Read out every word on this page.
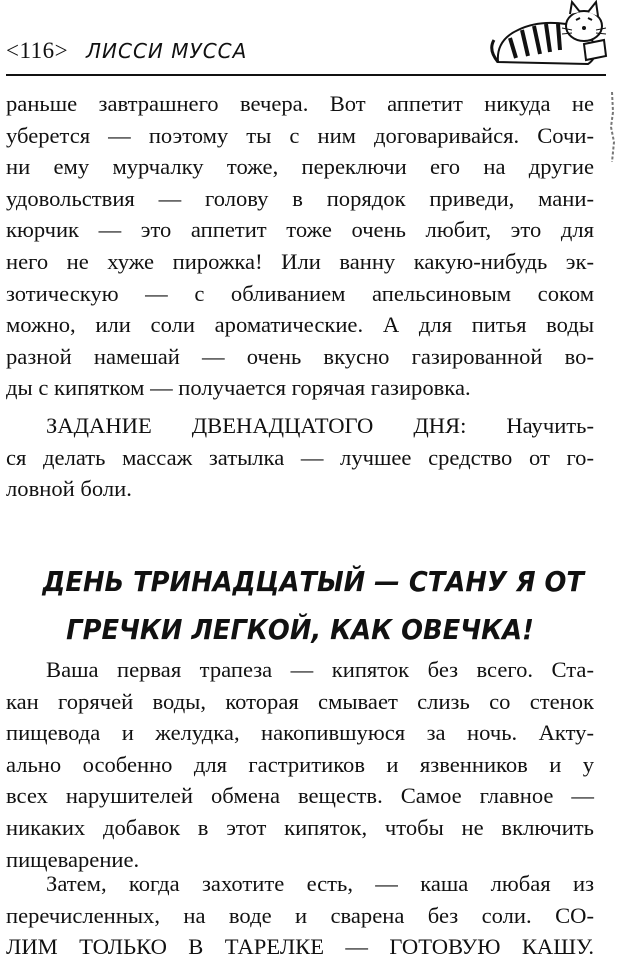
<116> ЛИССИ МУССА
раньше завтрашнего вечера. Вот аппетит никуда не
уберется — поэтому ты с ним договаривайся. Сочи-
ни ему мурчалку тоже, переключи его на другие
удовольствия — голову в порядок приведи, мани-
кюрчик — это аппетит тоже очень любит, это для
него не хуже пирожка! Или ванну какую-нибудь эк-
зотическую — с обливанием апельсиновым соком
можно, или соли ароматические. А для питья воды
разной намешай — очень вкусно газированной во-
ды с кипятком — получается горячая газировка.
ЗАДАНИЕ ДВЕНАДЦАТОГО ДНЯ: Научить-
ся делать массаж затылка — лучшее средство от го-
ловной боли.
ДЕНЬ ТРИНАДЦАТЫЙ — СТАНУ Я ОТ
ГРЕЧКИ ЛЕГКОЙ, КАК ОВЕЧКА!
Ваша первая трапеза — кипяток без всего. Ста-
кан горячей воды, которая смывает слизь со стенок
пищевода и желудка, накопившуюся за ночь. Акту-
ально особенно для гастритиков и язвенников и у
всех нарушителей обмена веществ. Самое главное —
никаких добавок в этот кипяток, чтобы не включить
пищеварение.
Затем, когда захотите есть, — каша любая из
перечисленных, на воде и сварена без соли. СО-
ЛИМ ТОЛЬКО В ТАРЕЛКЕ — ГОТОВУЮ КАШУ.
